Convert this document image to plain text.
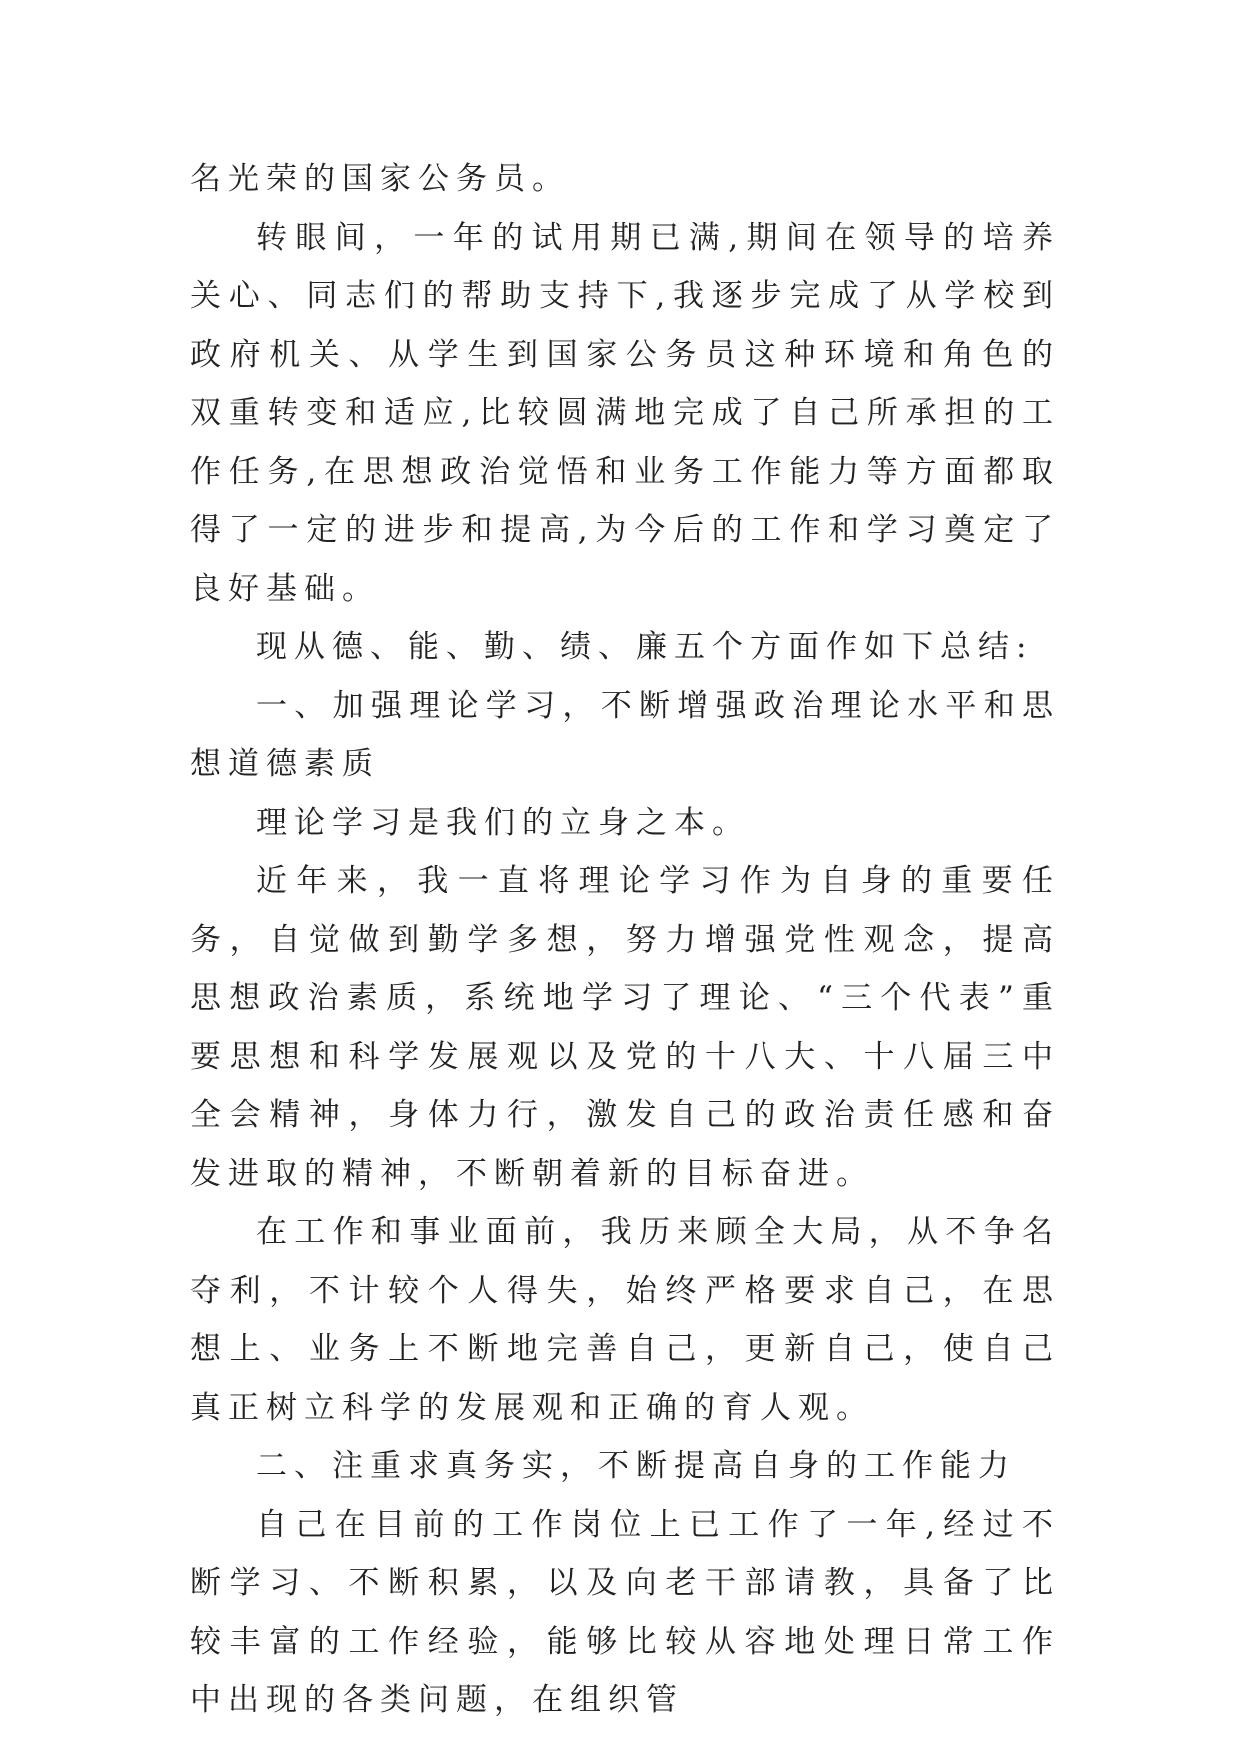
名光荣的国家公务员。

转眼间，一年的试用期已满,期间在领导的培养关心、同志们的帮助支持下,我逐步完成了从学校到政府机关、从学生到国家公务员这种环境和角色的双重转变和适应,比较圆满地完成了自己所承担的工作任务,在思想政治觉悟和业务工作能力等方面都取得了一定的进步和提高,为今后的工作和学习奠定了良好基础。

现从德、能、勤、绩、廉五个方面作如下总结:

一、加强理论学习，不断增强政治理论水平和思想道德素质

理论学习是我们的立身之本。

近年来，我一直将理论学习作为自身的重要任务，自觉做到勤学多想，努力增强党性观念，提高思想政治素质，系统地学习了理论、“三个代表”重要思想和科学发展观以及党的十八大、十八届三中全会精神，身体力行，激发自己的政治责任感和奋发进取的精神，不断朝着新的目标奋进。

在工作和事业面前，我历来顾全大局，从不争名夺利，不计较个人得失，始终严格要求自己，在思想上、业务上不断地完善自己，更新自己，使自己真正树立科学的发展观和正确的育人观。

二、注重求真务实，不断提高自身的工作能力

自己在目前的工作岗位上已工作了一年,经过不断学习、不断积累，以及向老干部请教，具备了比较丰富的工作经验，能够比较从容地处理日常工作中出现的各类问题，在组织管
